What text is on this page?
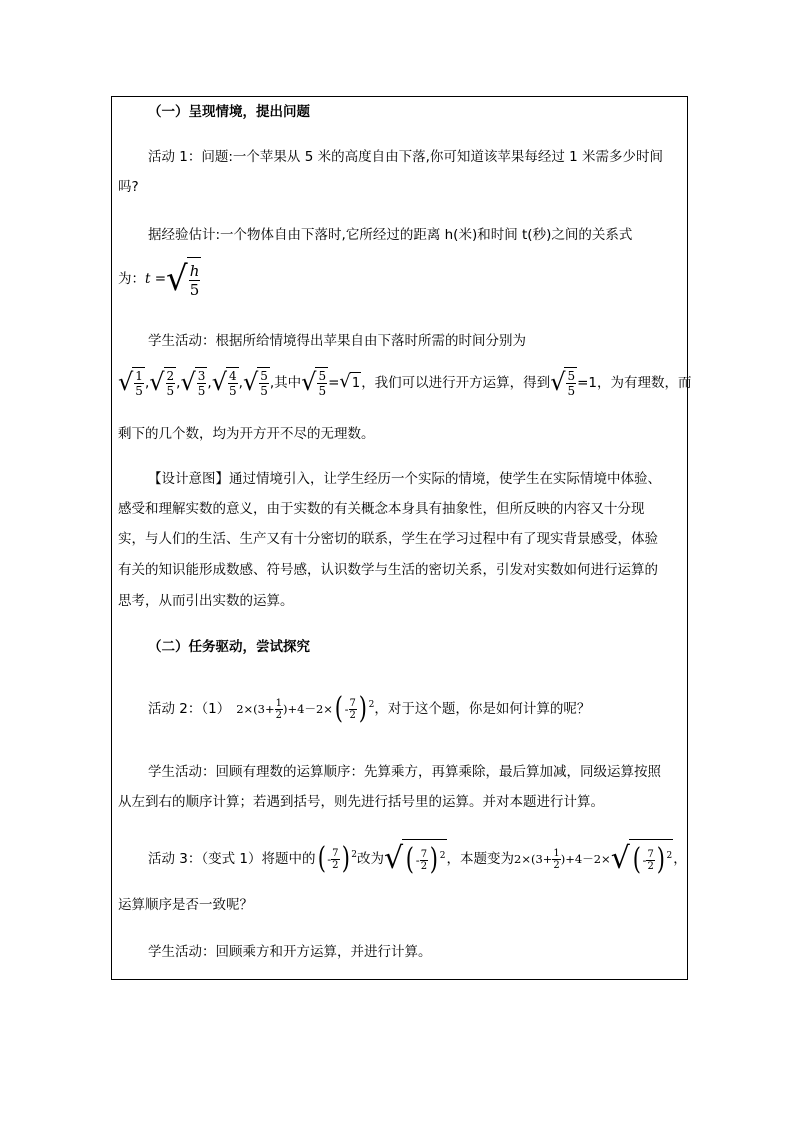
（一）呈现情境，提出问题
活动 1：问题:一个苹果从 5 米的高度自由下落,你可知道该苹果每经过 1 米需多少时间
吗?
据经验估计:一个物体自由下落时,它所经过的距离 h(米)和时间 t(秒)之间的关系式
为： t = √ $\frac{h}{5}$
学生活动：根据所给情境得出苹果自由下落时所需的时间分别为
√ $\frac{1}{5}$ , √ $\frac{2}{5}$ , √ $\frac{3}{5}$ , √ $\frac{4}{5}$ , √ $\frac{5}{5}$ ,其中 √ $\frac{5}{5}$ = √ 1 ，我们可以进行开方运算，得到 √ $\frac{5}{5} =1$，为有理数，而
剩下的几个数，均为开方开不尽的无理数。
【设计意图】通过情境引入，让学生经历一个实际的情境，使学生在实际情境中体验、
感受和理解实数的意义，由于实数的有关概念本身具有抽象性，但所反映的内容又十分现
实，与人们的生活、生产又有十分密切的联系，学生在学习过程中有了现实背景感受，体验
有关的知识能形成数感、符号感，认识数学与生活的密切关系，引发对实数如何进行运算的
思考，从而引出实数的运算。
（二）任务驱动，尝试探究
活动 2：（1） $2\times(3+ \frac{1}{2} )+4-2\times$ ( - $\frac{7}{2}$ ) 2 ，对于这个题，你是如何计算的呢？
学生活动：回顾有理数的运算顺序：先算乘方，再算乘除，最后算加减，同级运算按照
从左到右的顺序计算；若遇到括号，则先进行括号里的运算。并对本题进行计算。
活动 3：（变式 1）将题中的 ( - $\frac{7}{2}$ ) 2 改为 √ ( - $\frac{7}{2}$ ) 2 ，本题变为 $2\times(3+ \frac{1}{2} )+4-2\times$ √ ( - $\frac{7}{2}$ ) 2 ，
运算顺序是否一致呢？
学生活动：回顾乘方和开方运算，并进行计算。
